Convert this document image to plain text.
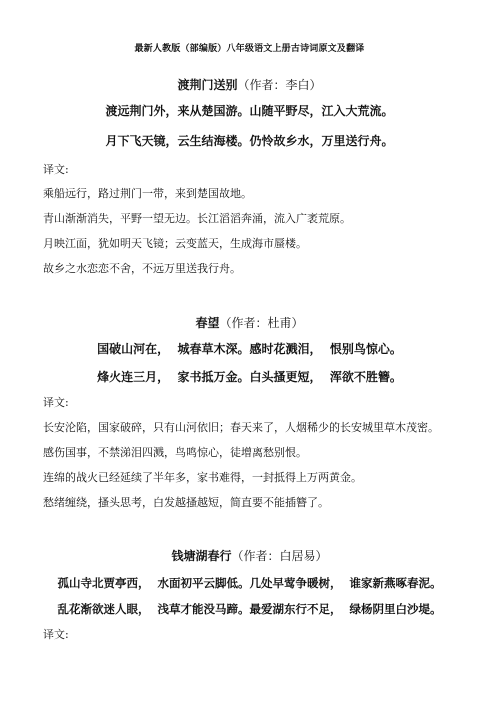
最新人教版（部编版）八年级语文上册古诗词原文及翻译
渡荆门送别（作者：李白）
渡远荆门外，来从楚国游。山随平野尽，江入大荒流。
月下飞天镜，云生结海楼。仍怜故乡水，万里送行舟。
译文:
乘船远行，路过荆门一带，来到楚国故地。
青山渐渐消失，平野一望无边。长江滔滔奔涌，流入广袤荒原。
月映江面，犹如明天飞镜；云变蓝天，生成海市蜃楼。
故乡之水恋恋不舍，不远万里送我行舟。
春望（作者：杜甫）
国破山河在，  城春草木深。感时花溅泪，  恨别鸟惊心。
烽火连三月，  家书抵万金。白头搔更短，  浑欲不胜簪。
译文:
长安沦陷，国家破碎，只有山河依旧；春天来了，人烟稀少的长安城里草木茂密。
感伤国事，不禁涕泪四溅，鸟鸣惊心，徒增离愁别恨。
连绵的战火已经延续了半年多，家书难得，一封抵得上万两黄金。
愁绪缠绕，搔头思考，白发越搔越短，简直要不能插簪了。
钱塘湖春行（作者：白居易）
孤山寺北贾亭西，  水面初平云脚低。几处早莺争暖树，  谁家新燕啄春泥。
乱花渐欲迷人眼，  浅草才能没马蹄。最爱湖东行不足，  绿杨阴里白沙堤。
译文:
